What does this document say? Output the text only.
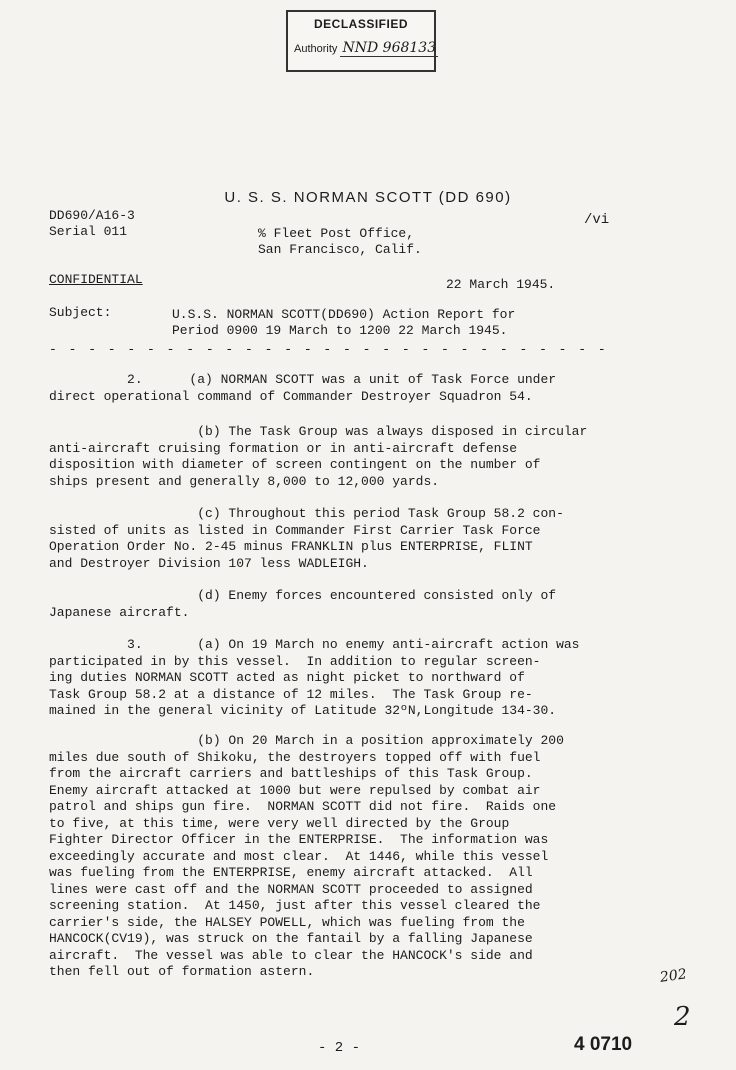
DECLASSIFIED
Authority NND 968133
U. S. S. NORMAN SCOTT (DD 690)
DD690/A16-3
Serial 011	% Fleet Post Office,
San Francisco, Calif.
/vi
CONFIDENTIAL	22 March 1945.
Subject:	U.S.S. NORMAN SCOTT(DD690) Action Report for
Period 0900 19 March to 1200 22 March 1945.
- - - - - - - - - - - - - - - - - - - - - - - - - - - - -
2.      (a) NORMAN SCOTT was a unit of Task Force under
direct operational command of Commander Destroyer Squadron 54.
(b) The Task Group was always disposed in circular
anti-aircraft cruising formation or in anti-aircraft defense
disposition with diameter of screen contingent on the number of
ships present and generally 8,000 to 12,000 yards.
(c) Throughout this period Task Group 58.2 con-
sisted of units as listed in Commander First Carrier Task Force
Operation Order No. 2-45 minus FRANKLIN plus ENTERPRISE, FLINT
and Destroyer Division 107 less WADLEIGH.
(d) Enemy forces encountered consisted only of
Japanese aircraft.
3.       (a) On 19 March no enemy anti-aircraft action was
participated in by this vessel.  In addition to regular screen-
ing duties NORMAN SCOTT acted as night picket to northward of
Task Group 58.2 at a distance of 12 miles.  The Task Group re-
mained in the general vicinity of Latitude 32ºN,Longitude 134-30.
(b) On 20 March in a position approximately 200
miles due south of Shikoku, the destroyers topped off with fuel
from the aircraft carriers and battleships of this Task Group.
Enemy aircraft attacked at 1000 but were repulsed by combat air
patrol and ships gun fire.  NORMAN SCOTT did not fire.  Raids one
to five, at this time, were very well directed by the Group
Fighter Director Officer in the ENTERPRISE.  The information was
exceedingly accurate and most clear.  At 1446, while this vessel
was fueling from the ENTERPRISE, enemy aircraft attacked.  All
lines were cast off and the NORMAN SCOTT proceeded to assigned
screening station.  At 1450, just after this vessel cleared the
carrier's side, the HALSEY POWELL, which was fueling from the
HANCOCK(CV19), was struck on the fantail by a falling Japanese
aircraft.  The vessel was able to clear the HANCOCK's side and
then fell out of formation astern.	202
2
- 2 -	4 0710
